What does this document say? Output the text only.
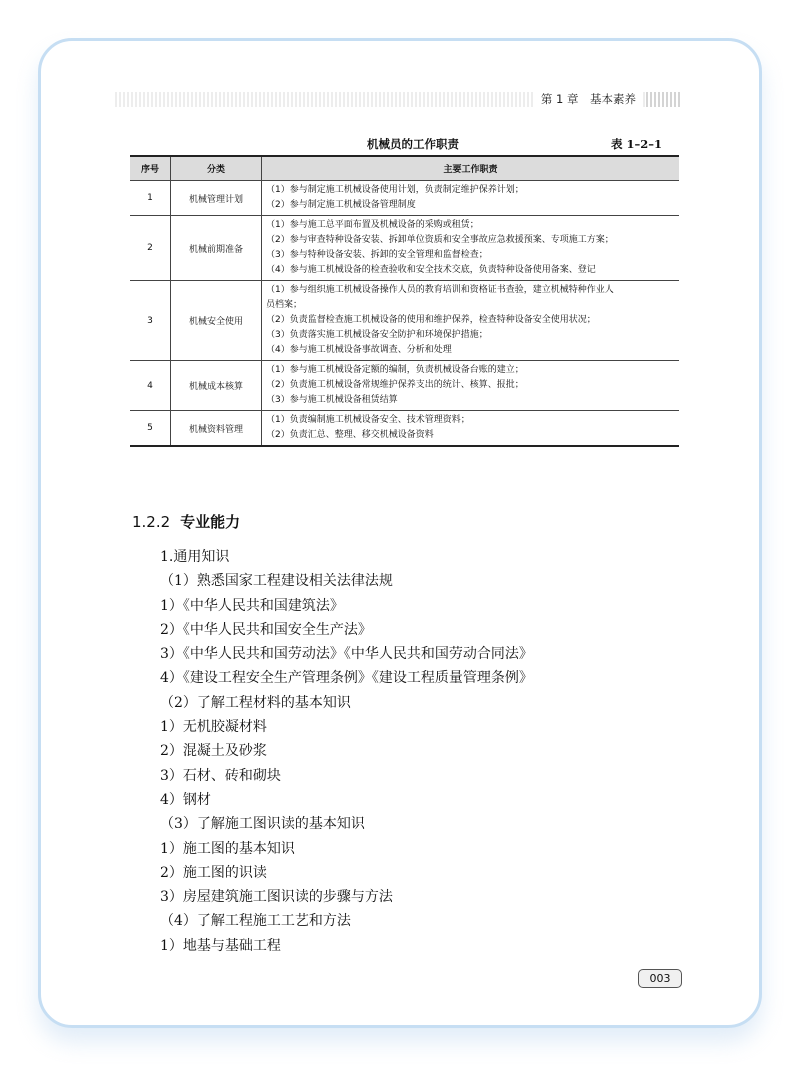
第 1 章　基本素养
机械员的工作职责	表 1–2–1
序号	分类	主要工作职责
1	机械管理计划	（1）参与制定施工机械设备使用计划，负责制定维护保养计划；
（2）参与制定施工机械设备管理制度

2	机械前期准备	（1）参与施工总平面布置及机械设备的采购或租赁；
（2）参与审查特种设备安装、拆卸单位资质和安全事故应急救援预案、专项施工方案；
（3）参与特种设备安装、拆卸的安全管理和监督检查；
（4）参与施工机械设备的检查验收和安全技术交底，负责特种设备使用备案、登记

3	机械安全使用	（1）参与组织施工机械设备操作人员的教育培训和资格证书查验，建立机械特种作业人
员档案；
（2）负责监督检查施工机械设备的使用和维护保养，检查特种设备安全使用状况；
（3）负责落实施工机械设备安全防护和环境保护措施；
（4）参与施工机械设备事故调查、分析和处理

4	机械成本核算	（1）参与施工机械设备定额的编制，负责机械设备台账的建立；
（2）负责施工机械设备常规维护保养支出的统计、核算、报批；
（3）参与施工机械设备租赁结算

5	机械资料管理	（1）负责编制施工机械设备安全、技术管理资料；
（2）负责汇总、整理、移交机械设备资料
1.2.2 专业能力
1.通用知识
（1）熟悉国家工程建设相关法律法规
1）《中华人民共和国建筑法》
2）《中华人民共和国安全生产法》
3）《中华人民共和国劳动法》《中华人民共和国劳动合同法》
4）《建设工程安全生产管理条例》《建设工程质量管理条例》
（2）了解工程材料的基本知识
1）无机胶凝材料
2）混凝土及砂浆
3）石材、砖和砌块
4）钢材
（3）了解施工图识读的基本知识
1）施工图的基本知识
2）施工图的识读
3）房屋建筑施工图识读的步骤与方法
（4）了解工程施工工艺和方法
1）地基与基础工程
003
